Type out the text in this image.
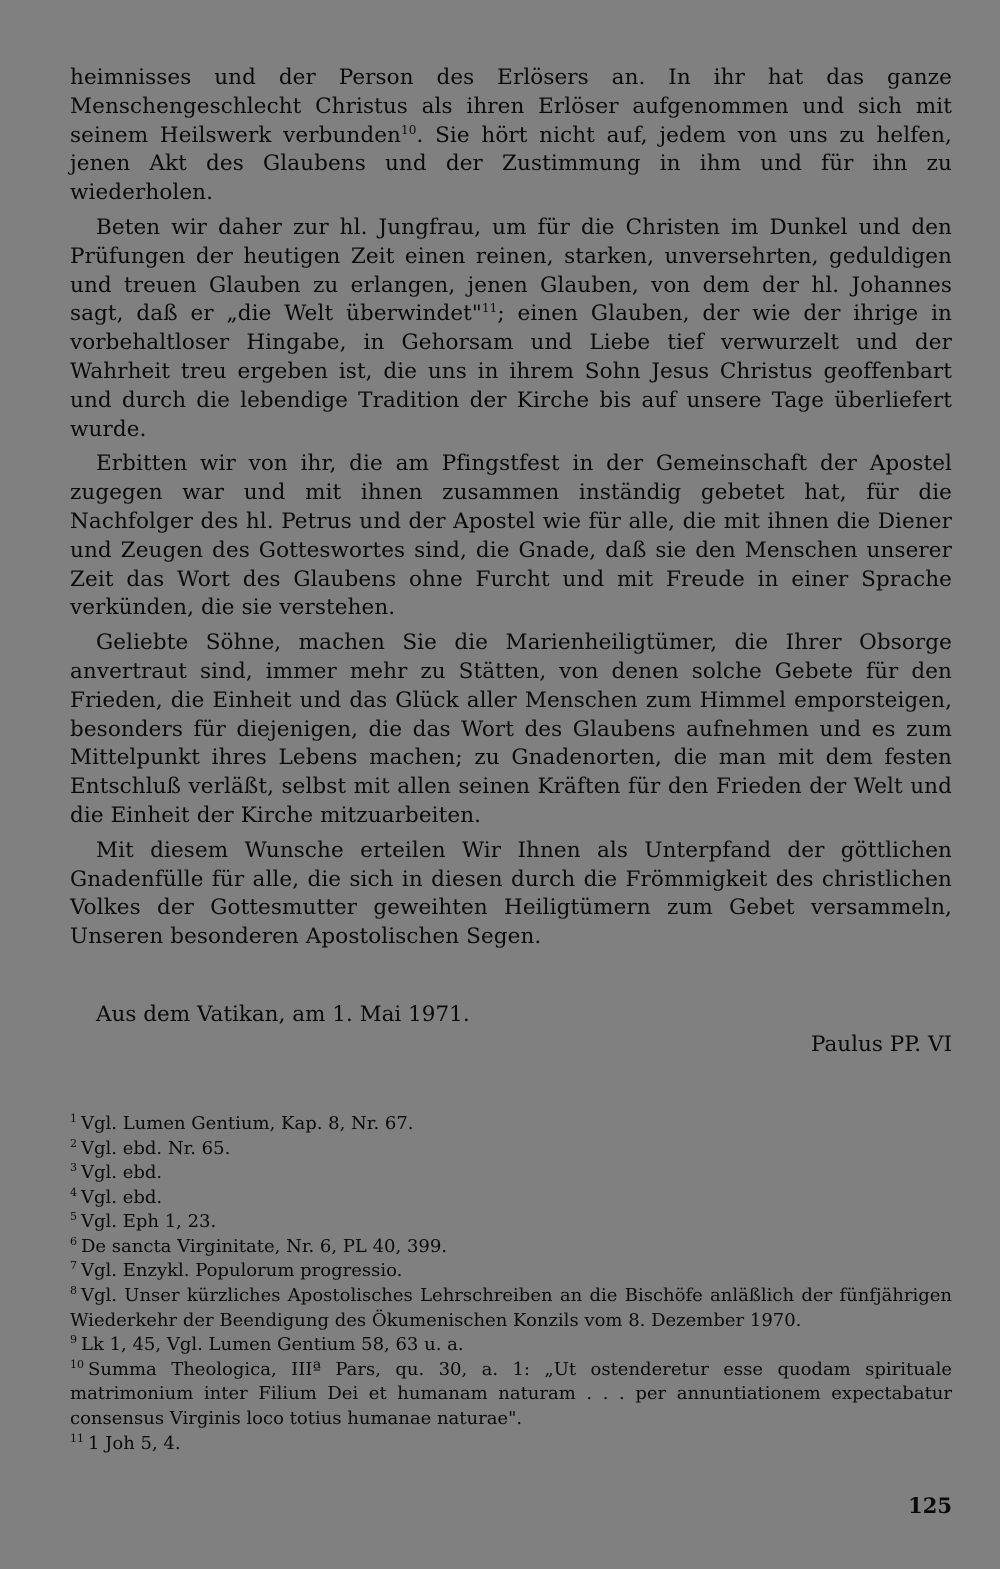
heimnisses und der Person des Erlösers an. In ihr hat das ganze Menschengeschlecht Christus als ihren Erlöser aufgenommen und sich mit seinem Heilswerk verbunden$^{10}$. Sie hört nicht auf, jedem von uns zu helfen, jenen Akt des Glaubens und der Zustimmung in ihm und für ihn zu wiederholen.

Beten wir daher zur hl. Jungfrau, um für die Christen im Dunkel und den Prüfungen der heutigen Zeit einen reinen, starken, unversehrten, geduldigen und treuen Glauben zu erlangen, jenen Glauben, von dem der hl. Johannes sagt, daß er „die Welt überwindet"$^{11}$; einen Glauben, der wie der ihrige in vorbehaltloser Hingabe, in Gehorsam und Liebe tief verwurzelt und der Wahrheit treu ergeben ist, die uns in ihrem Sohn Jesus Christus geoffenbart und durch die lebendige Tradition der Kirche bis auf unsere Tage überliefert wurde.

Erbitten wir von ihr, die am Pfingstfest in der Gemeinschaft der Apostel zugegen war und mit ihnen zusammen inständig gebetet hat, für die Nachfolger des hl. Petrus und der Apostel wie für alle, die mit ihnen die Diener und Zeugen des Gotteswortes sind, die Gnade, daß sie den Menschen unserer Zeit das Wort des Glaubens ohne Furcht und mit Freude in einer Sprache verkünden, die sie verstehen.

Geliebte Söhne, machen Sie die Marienheiligtümer, die Ihrer Obsorge anvertraut sind, immer mehr zu Stätten, von denen solche Gebete für den Frieden, die Einheit und das Glück aller Menschen zum Himmel emporsteigen, besonders für diejenigen, die das Wort des Glaubens aufnehmen und es zum Mittelpunkt ihres Lebens machen; zu Gnadenorten, die man mit dem festen Entschluß verläßt, selbst mit allen seinen Kräften für den Frieden der Welt und die Einheit der Kirche mitzuarbeiten.

Mit diesem Wunsche erteilen Wir Ihnen als Unterpfand der göttlichen Gnadenfülle für alle, die sich in diesen durch die Frömmigkeit des christlichen Volkes der Gottesmutter geweihten Heiligtümern zum Gebet versammeln, Unseren besonderen Apostolischen Segen.

Aus dem Vatikan, am 1. Mai 1971.
Paulus PP. VI

$^1$ Vgl. Lumen Gentium, Kap. 8, Nr. 67.

$^2$ Vgl. ebd. Nr. 65.

$^3$ Vgl. ebd.

$^4$ Vgl. ebd.

$^5$ Vgl. Eph 1, 23.

$^6$ De sancta Virginitate, Nr. 6, PL 40, 399.

$^7$ Vgl. Enzykl. Populorum progressio.

$^8$ Vgl. Unser kürzliches Apostolisches Lehrschreiben an die Bischöfe anläßlich der fünfjährigen Wiederkehr der Beendigung des Ökumenischen Konzils vom 8. Dezember 1970.

$^9$ Lk 1, 45, Vgl. Lumen Gentium 58, 63 u. a.

$^{10}$ Summa Theologica, IIIª Pars, qu. 30, a. 1: „Ut ostenderetur esse quodam spirituale matrimonium inter Filium Dei et humanam naturam . . . per annuntiationem expectabatur consensus Virginis loco totius humanae naturae".

$^{11}$ 1 Joh 5, 4.

125
